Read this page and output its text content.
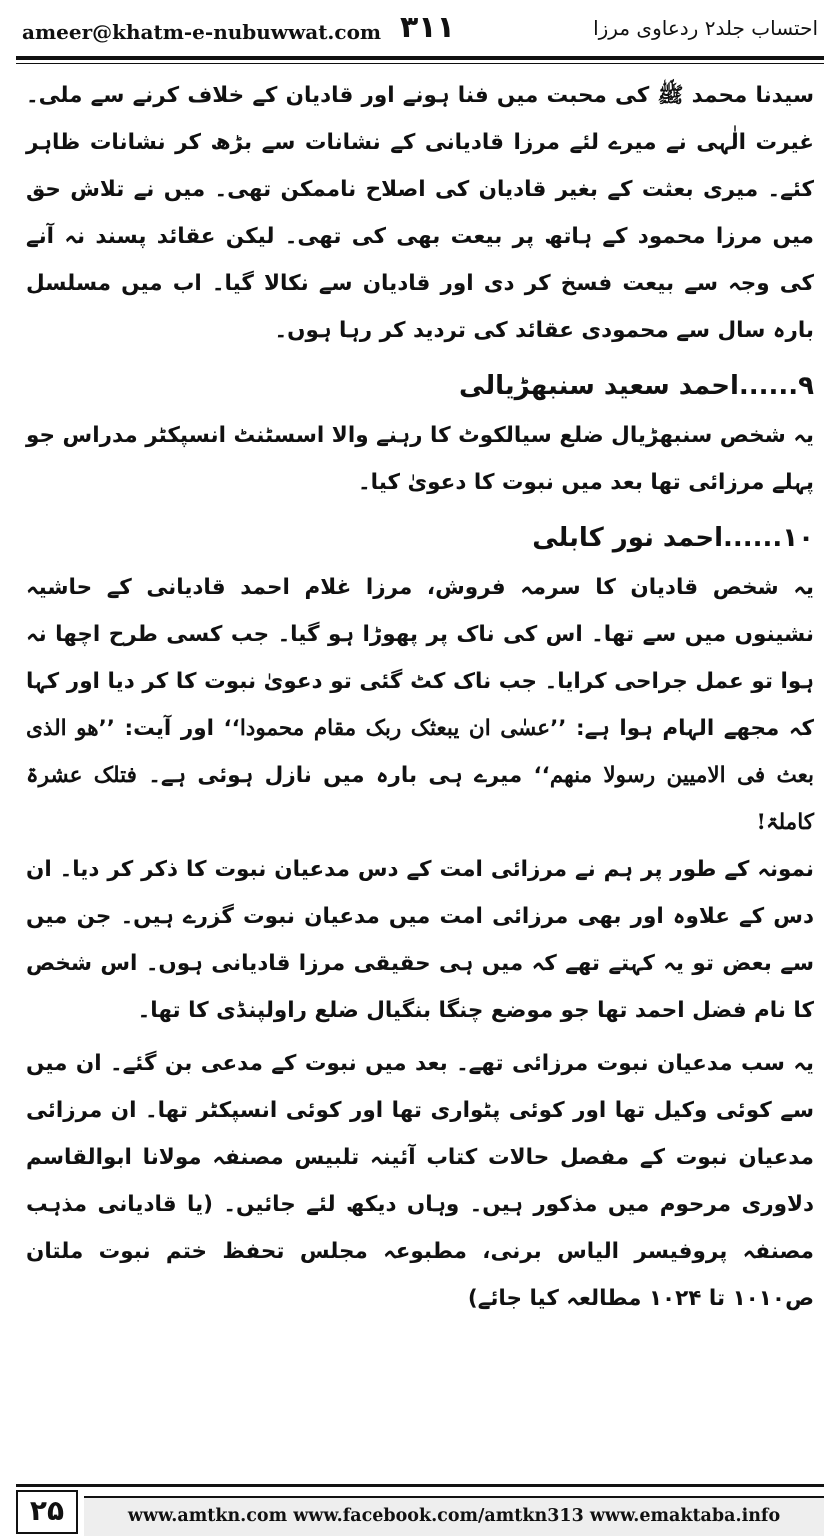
ameer@khatm-e-nubuwwat.com ۳۱۱	احتساب جلد۲ ردعاوی مرزا

سیدنا محمد ﷺ کی محبت میں فنا ہونے اور قادیان کے خلاف کرنے سے ملی۔ غیرت الٰہی نے میرے لئے مرزا قادیانی کے نشانات سے بڑھ کر نشانات ظاہر کئے۔ میری بعثت کے بغیر قادیان کی اصلاح ناممکن تھی۔ میں نے تلاش حق میں مرزا محمود کے ہاتھ پر بیعت بھی کی تھی۔ لیکن عقائد پسند نہ آنے کی وجہ سے بیعت فسخ کر دی اور قادیان سے نکالا گیا۔ اب میں مسلسل بارہ سال سے محمودی عقائد کی تردید کر رہا ہوں۔

۹......احمد سعید سنبھڑیالی

یہ شخص سنبھڑیال ضلع سیالکوٹ کا رہنے والا اسسٹنٹ انسپکٹر مدراس جو پہلے مرزائی تھا بعد میں نبوت کا دعویٰ کیا۔

۱۰......احمد نور کابلی

یہ شخص قادیان کا سرمہ فروش، مرزا غلام احمد قادیانی کے حاشیہ نشینوں میں سے تھا۔ اس کی ناک پر پھوڑا ہو گیا۔ جب کسی طرح اچھا نہ ہوا تو عمل جراحی کرایا۔ جب ناک کٹ گئی تو دعویٰ نبوت کا کر دیا اور کہا کہ مجھے الہام ہوا ہے: ’’عسٰی ان یبعثک ربک مقام محمودا‘‘ اور آیت: ’’ھو الذی بعث فی الامیین رسولا منھم‘‘ میرے ہی بارہ میں نازل ہوئی ہے۔ فتلک عشرۃ کاملۃ!

نمونہ کے طور پر ہم نے مرزائی امت کے دس مدعیان نبوت کا ذکر کر دیا۔ ان دس کے علاوہ اور بھی مرزائی امت میں مدعیان نبوت گزرے ہیں۔ جن میں سے بعض تو یہ کہتے تھے کہ میں ہی حقیقی مرزا قادیانی ہوں۔ اس شخص کا نام فضل احمد تھا جو موضع چنگا بنگیال ضلع راولپنڈی کا تھا۔

یہ سب مدعیان نبوت مرزائی تھے۔ بعد میں نبوت کے مدعی بن گئے۔ ان میں سے کوئی وکیل تھا اور کوئی پٹواری تھا اور کوئی انسپکٹر تھا۔ ان مرزائی مدعیان نبوت کے مفصل حالات کتاب آئینہ تلبیس مصنفہ مولانا ابوالقاسم دلاوری مرحوم میں مذکور ہیں۔ وہاں دیکھ لئے جائیں۔ (یا قادیانی مذہب مصنفہ پروفیسر الیاس برنی، مطبوعہ مجلس تحفظ ختم نبوت ملتان ص۱۰۱۰ تا ۱۰۲۴ مطالعہ کیا جائے)

۲۵	www.amtkn.com www.facebook.com/amtkn313 www.emaktaba.info
